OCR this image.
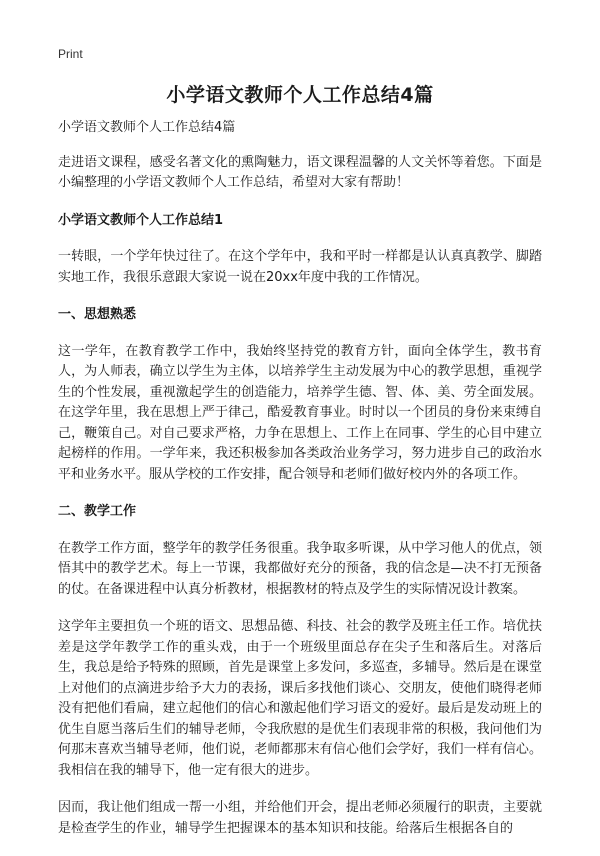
Print
小学语文教师个人工作总结4篇

小学语文教师个人工作总结4篇

走进语文课程，感受名著文化的熏陶魅力，语文课程温馨的人文关怀等着您。下面是小编整理的小学语文教师个人工作总结，希望对大家有帮助！

小学语文教师个人工作总结1

一转眼，一个学年快过往了。在这个学年中，我和平时一样都是认认真真教学、脚踏实地工作，我很乐意跟大家说一说在20xx年度中我的工作情况。

一、思想熟悉

这一学年，在教育教学工作中，我始终坚持党的教育方针，面向全体学生，教书育人，为人师表，确立以学生为主体，以培养学生主动发展为中心的教学思想，重视学生的个性发展，重视激起学生的创造能力，培养学生德、智、体、美、劳全面发展。在这学年里，我在思想上严于律己，酷爱教育事业。时时以一个团员的身份来束缚自己，鞭策自己。对自己要求严格，力争在思想上、工作上在同事、学生的心目中建立起榜样的作用。一学年来，我还积极参加各类政治业务学习，努力进步自己的政治水平和业务水平。服从学校的工作安排，配合领导和老师们做好校内外的各项工作。

二、教学工作

在教学工作方面，整学年的教学任务很重。我争取多听课，从中学习他人的优点，领悟其中的教学艺术。每上一节课，我都做好充分的预备，我的信念是—决不打无预备的仗。在备课进程中认真分析教材，根据教材的特点及学生的实际情况设计教案。

这学年主要担负一个班的语文、思想品德、科技、社会的教学及班主任工作。培优扶差是这学年教学工作的重头戏，由于一个班级里面总存在尖子生和落后生。对落后生，我总是给予特殊的照顾，首先是课堂上多发问，多巡查，多辅导。然后是在课堂上对他们的点滴进步给予大力的表扬，课后多找他们谈心、交朋友，使他们晓得老师没有把他们看扁，建立起他们的信心和激起他们学习语文的爱好。最后是发动班上的优生自愿当落后生们的辅导老师，令我欣慰的是优生们表现非常的积极，我问他们为何那末喜欢当辅导老师，他们说，老师都那末有信心他们会学好，我们一样有信心。我相信在我的辅导下，他一定有很大的进步。

因而，我让他们组成一帮一小组，并给他们开会，提出老师必须履行的职责，主要就是检查学生的作业，辅导学生把握课本的基本知识和技能。给落后生根据各自的
